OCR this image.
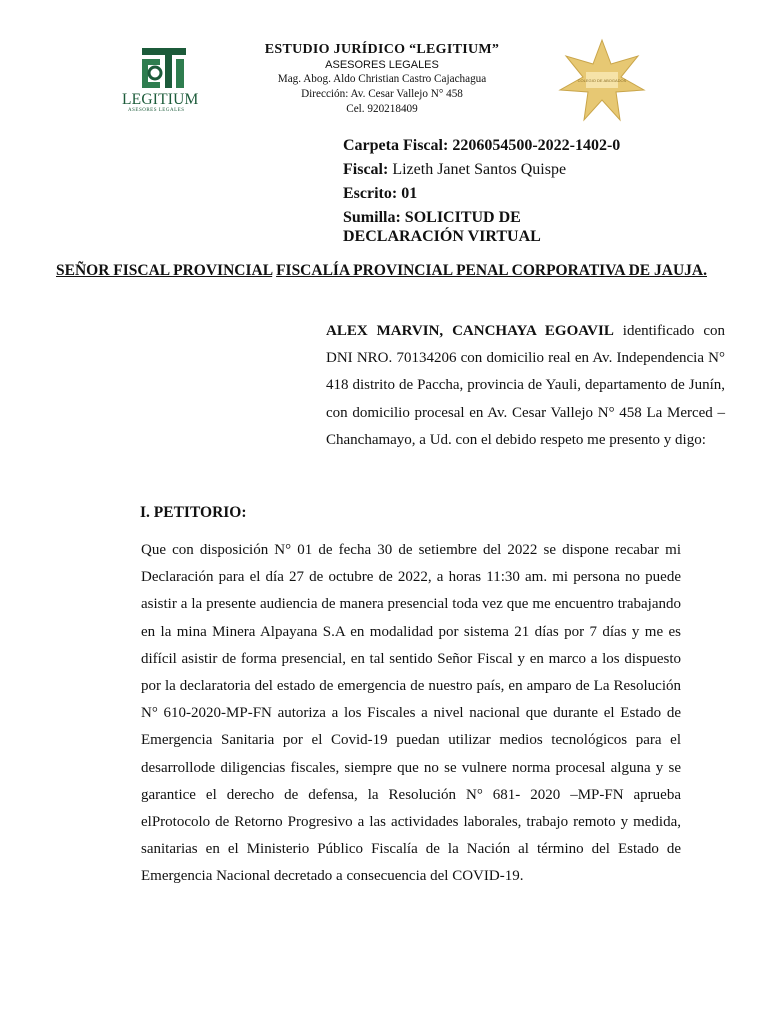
LEGITIUM
ASESORES LEGALES
ESTUDIO JURÍDICO “LEGITIUM”
ASESORES LEGALES
Mag. Abog. Aldo Christian Castro Cajachagua
Dirección: Av. Cesar Vallejo N° 458
Cel. 920218409
COLEGIO DE ABOGADOS
Carpeta Fiscal: 2206054500-2022-1402-0
Fiscal: Lizeth Janet Santos Quispe
Escrito: 01
Sumilla: SOLICITUD DE
DECLARACIÓN VIRTUAL
SEÑOR FISCAL PROVINCIAL FISCALÍA PROVINCIAL PENAL CORPORATIVA DE JAUJA.
ALEX MARVIN, CANCHAYA EGOAVIL identificado con DNI NRO. 70134206 con domicilio real en Av. Independencia N° 418 distrito de Paccha, provincia de Yauli, departamento de Junín, con domicilio procesal en Av. Cesar Vallejo N° 458 La Merced – Chanchamayo, a Ud. con el debido respeto me presento y digo:
I. PETITORIO:
Que con disposición N° 01 de fecha 30 de setiembre del 2022 se dispone recabar mi Declaración para el día 27 de octubre de 2022, a horas 11:30 am. mi persona no puede asistir a la presente audiencia de manera presencial toda vez que me encuentro trabajando en la mina Minera Alpayana S.A en modalidad por sistema 21 días por 7 días y me es difícil asistir de forma presencial, en tal sentido Señor Fiscal y en marco a los dispuesto por la declaratoria del estado de emergencia de nuestro país, en amparo de La Resolución N° 610-2020-MP-FN autoriza a los Fiscales a nivel nacional que durante el Estado de Emergencia Sanitaria por el Covid-19 puedan utilizar medios tecnológicos para el desarrollode diligencias fiscales, siempre que no se vulnere norma procesal alguna y se garantice el derecho de defensa, la Resolución N° 681- 2020 –MP-FN aprueba elProtocolo de Retorno Progresivo a las actividades laborales, trabajo remoto y medida, sanitarias en el Ministerio Público Fiscalía de la Nación al término del Estado de Emergencia Nacional decretado a consecuencia del COVID-19.
